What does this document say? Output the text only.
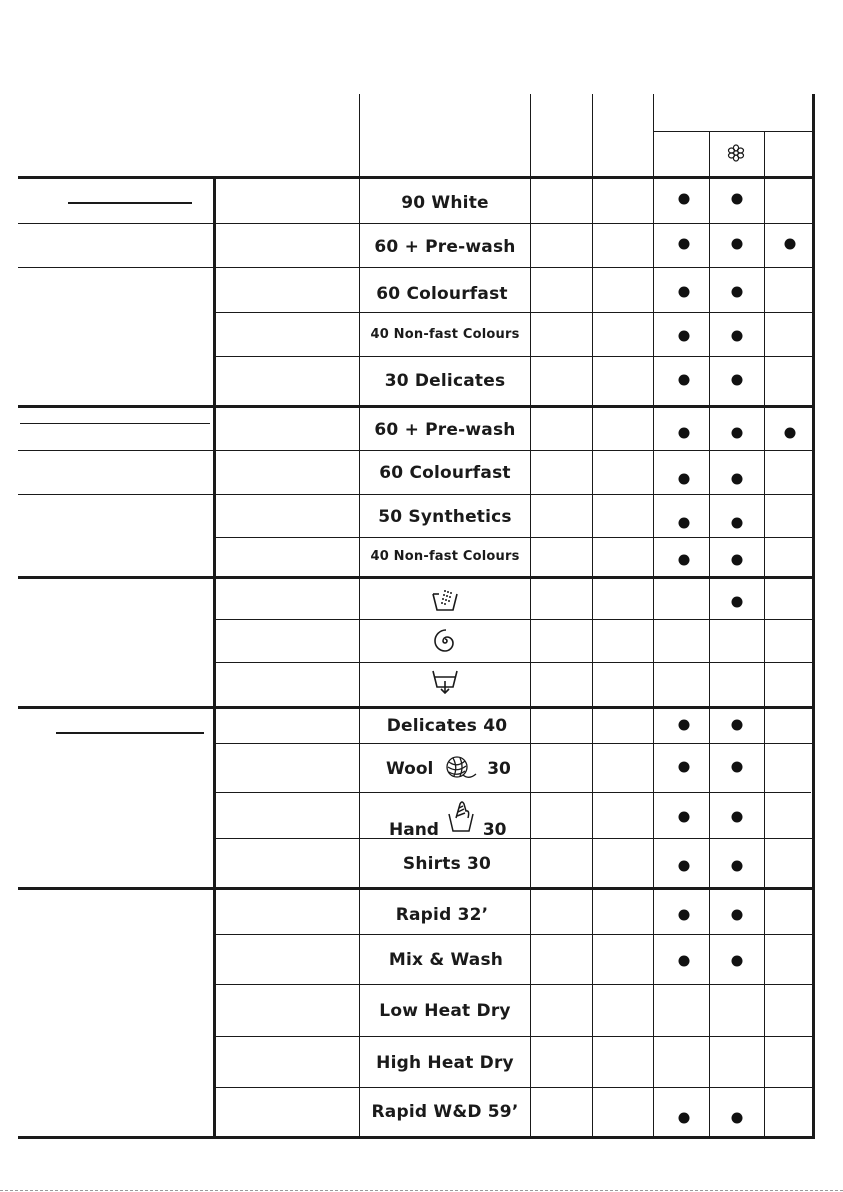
90 White
60 + Pre-wash
60 Colourfast
40 Non-fast Colours
30 Delicates
60 + Pre-wash
60 Colourfast
50 Synthetics
40 Non-fast Colours
Delicates 40
Wool	30
Hand	30
Shirts 30
Rapid 32’
Mix & Wash
Low Heat Dry
High Heat Dry
Rapid W&D 59’
